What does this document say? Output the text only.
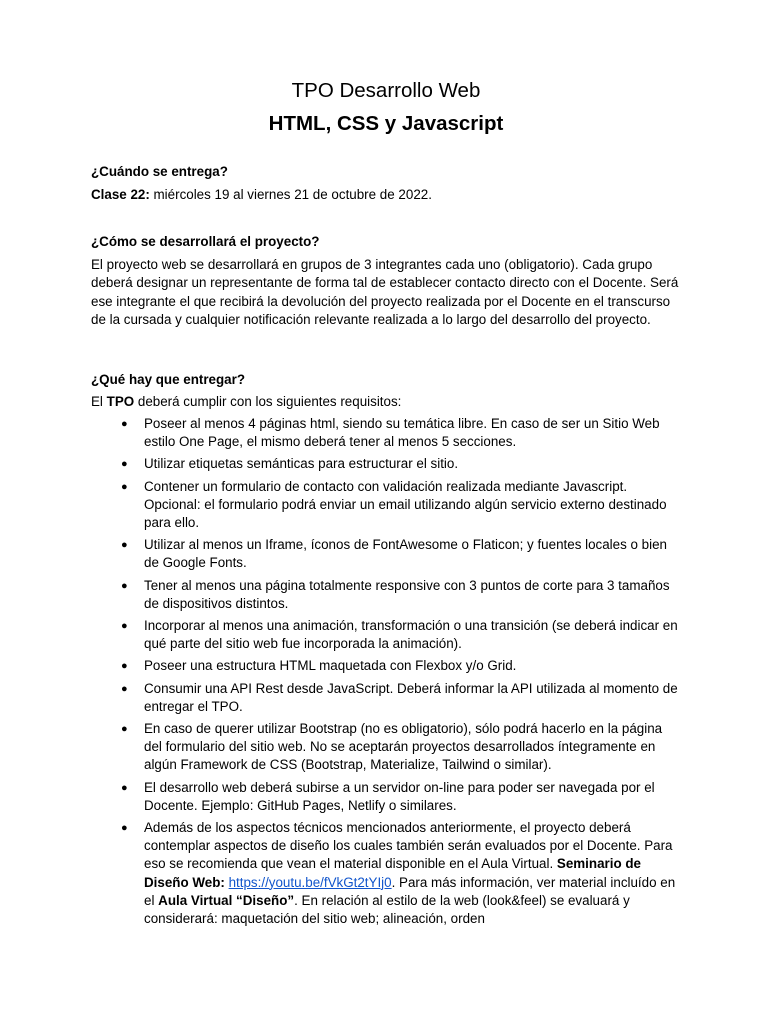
TPO Desarrollo Web

HTML, CSS y Javascript

¿Cuándo se entrega?

Clase 22: miércoles 19 al viernes 21 de octubre de 2022.

¿Cómo se desarrollará el proyecto?

El proyecto web se desarrollará en grupos de 3 integrantes cada uno (obligatorio). Cada grupo deberá designar un representante de forma tal de establecer contacto directo con el Docente. Será ese integrante el que recibirá la devolución del proyecto realizada por el Docente en el transcurso de la cursada y cualquier notificación relevante realizada a lo largo del desarrollo del proyecto.

¿Qué hay que entregar?

El TPO deberá cumplir con los siguientes requisitos:

● Poseer al menos 4 páginas html, siendo su temática libre. En caso de ser un Sitio Web estilo One Page, el mismo deberá tener al menos 5 secciones.
● Utilizar etiquetas semánticas para estructurar el sitio.
● Contener un formulario de contacto con validación realizada mediante Javascript. Opcional: el formulario podrá enviar un email utilizando algún servicio externo destinado para ello.
● Utilizar al menos un Iframe, íconos de FontAwesome o Flaticon; y fuentes locales o bien de Google Fonts.
● Tener al menos una página totalmente responsive con 3 puntos de corte para 3 tamaños de dispositivos distintos.
● Incorporar al menos una animación, transformación o una transición (se deberá indicar en qué parte del sitio web fue incorporada la animación).
● Poseer una estructura HTML maquetada con Flexbox y/o Grid.
● Consumir una API Rest desde JavaScript. Deberá informar la API utilizada al momento de entregar el TPO.
● En caso de querer utilizar Bootstrap (no es obligatorio), sólo podrá hacerlo en la página del formulario del sitio web. No se aceptarán proyectos desarrollados íntegramente en algún Framework de CSS (Bootstrap, Materialize, Tailwind o similar).
● El desarrollo web deberá subirse a un servidor on-line para poder ser navegada por el Docente. Ejemplo: GitHub Pages, Netlify o similares.
● Además de los aspectos técnicos mencionados anteriormente, el proyecto deberá contemplar aspectos de diseño los cuales también serán evaluados por el Docente. Para eso se recomienda que vean el material disponible en el Aula Virtual. Seminario de Diseño Web: https://youtu.be/fVkGt2tYIj0. Para más información, ver material incluído en el Aula Virtual “Diseño”. En relación al estilo de la web (look&feel) se evaluará y considerará: maquetación del sitio web; alineación, orden
